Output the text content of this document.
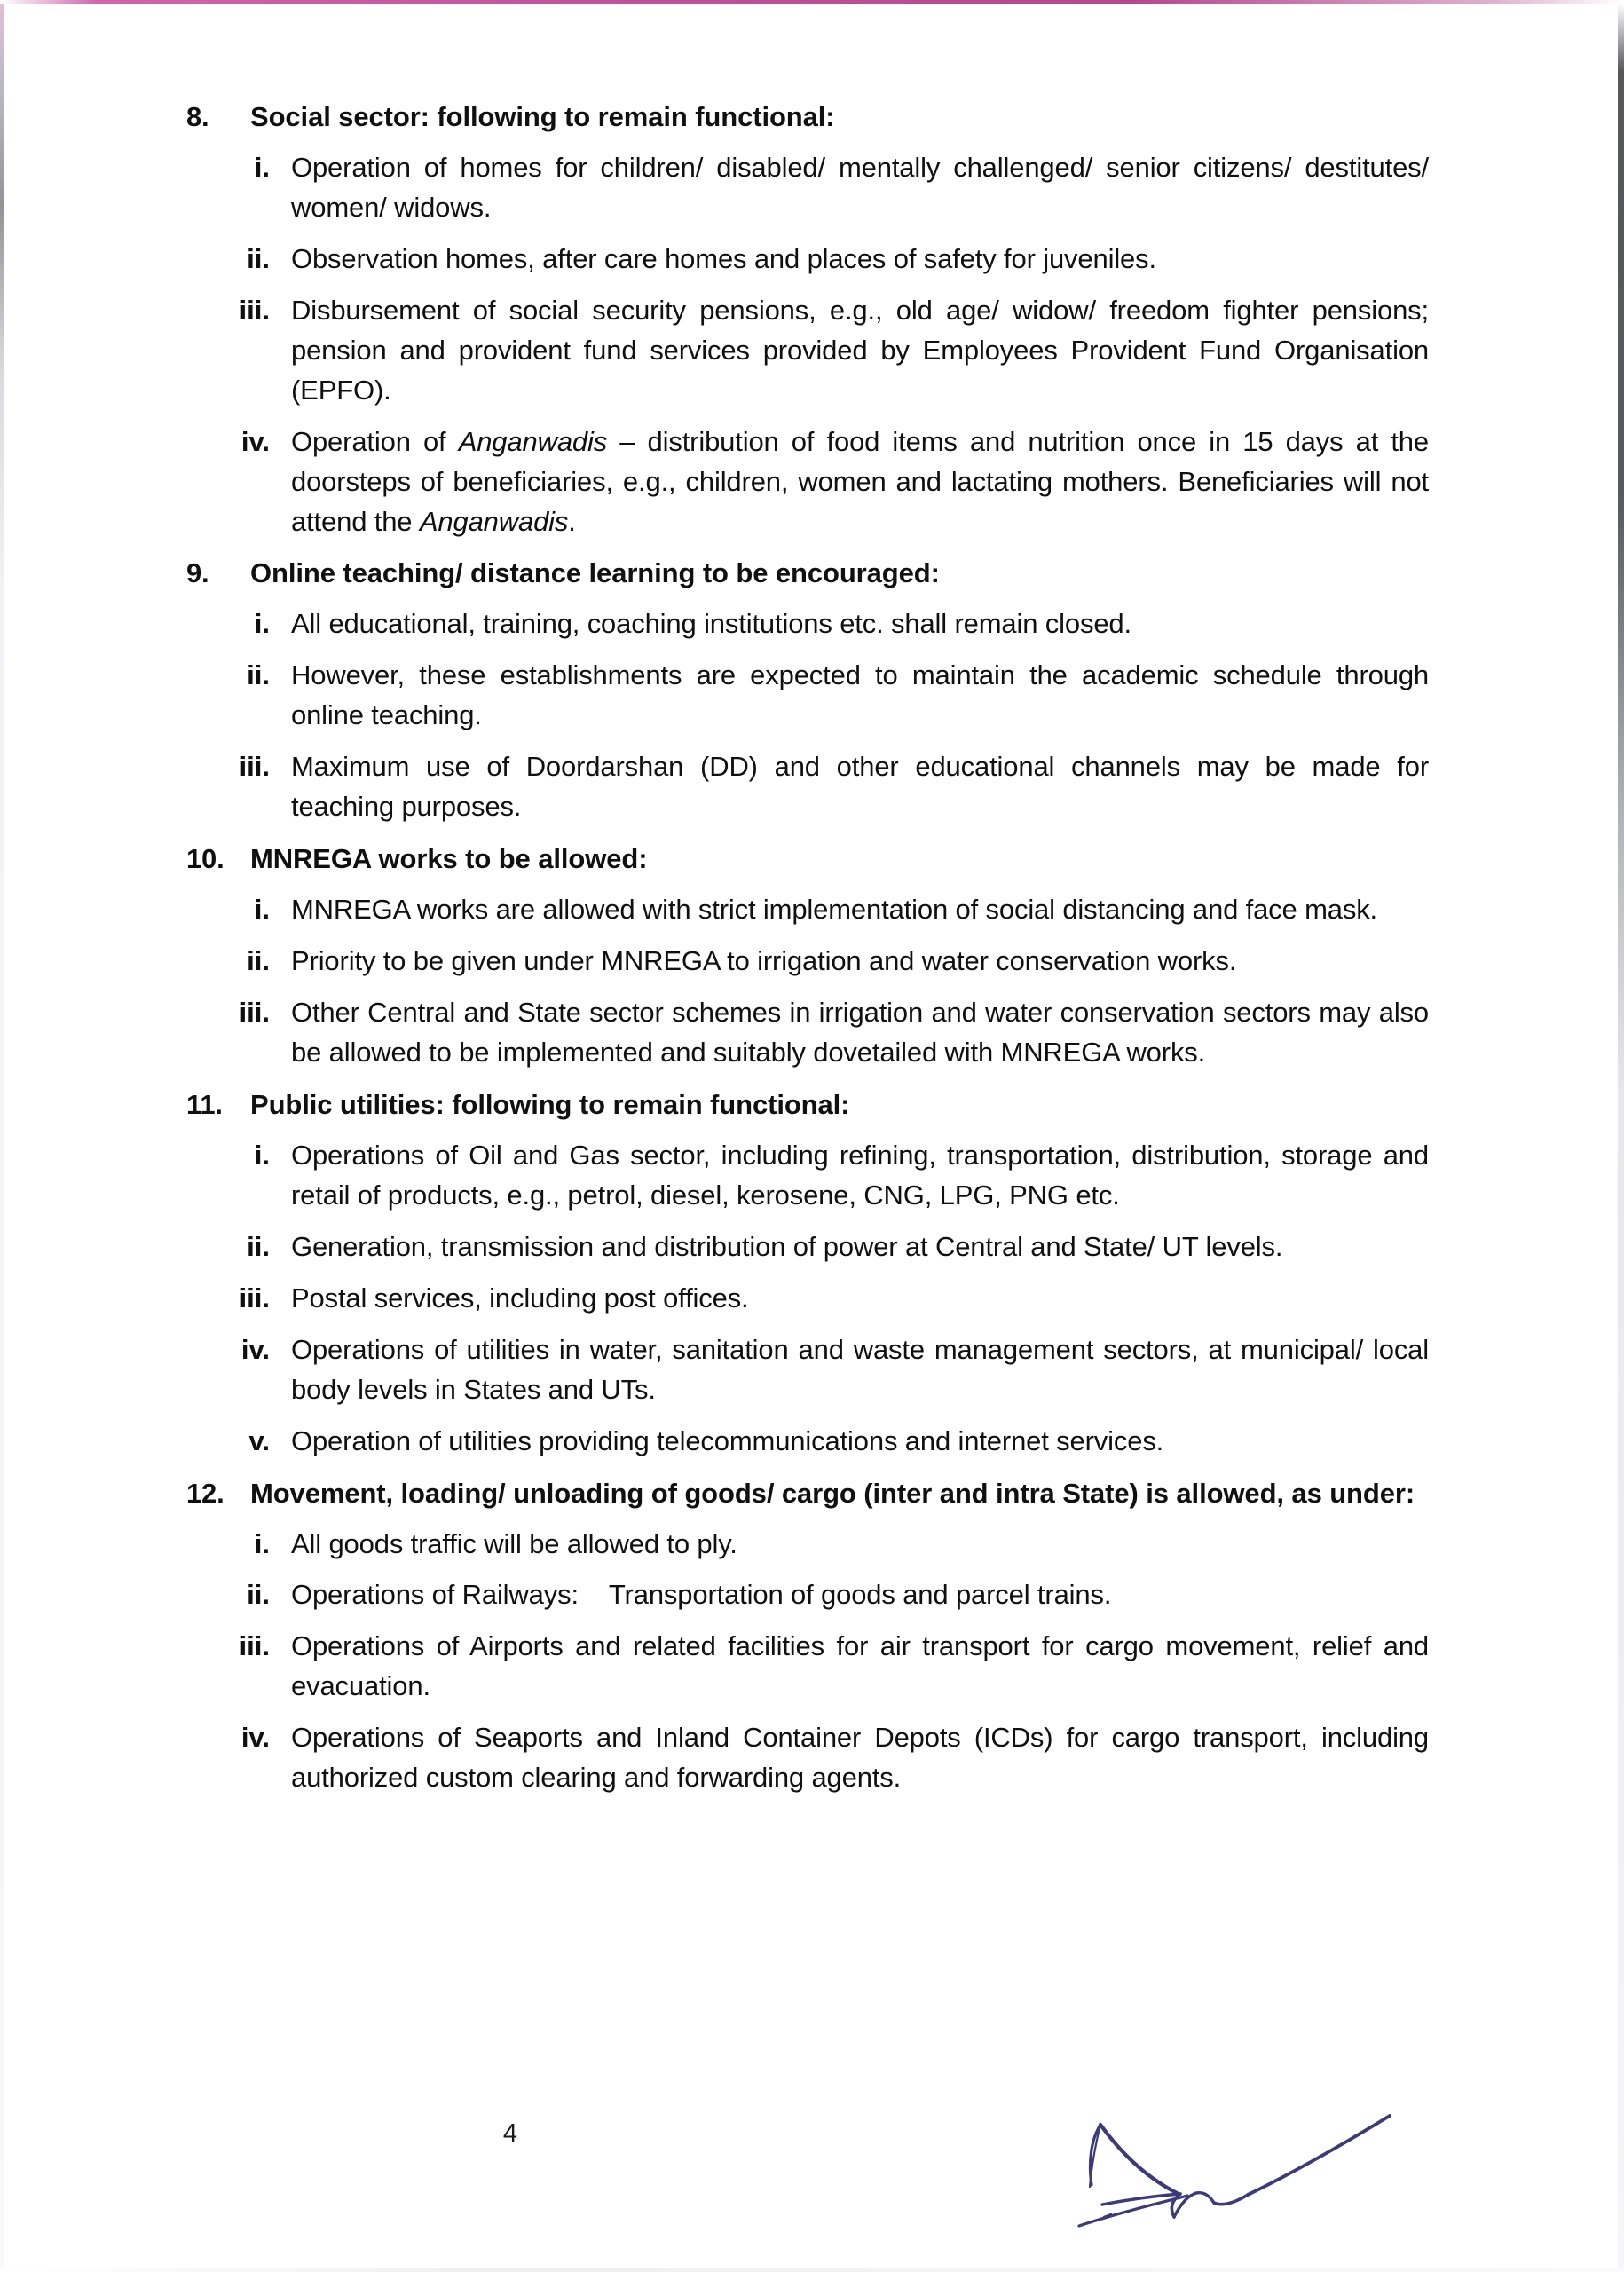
8.	Social sector: following to remain functional:
i. Operation of homes for children/ disabled/ mentally challenged/ senior citizens/ destitutes/ women/ widows.
ii. Observation homes, after care homes and places of safety for juveniles.
iii. Disbursement of social security pensions, e.g., old age/ widow/ freedom fighter pensions; pension and provident fund services provided by Employees Provident Fund Organisation (EPFO).
iv. Operation of Anganwadis – distribution of food items and nutrition once in 15 days at the doorsteps of beneficiaries, e.g., children, women and lactating mothers. Beneficiaries will not attend the Anganwadis.
9.	Online teaching/ distance learning to be encouraged:
i. All educational, training, coaching institutions etc. shall remain closed.
ii. However, these establishments are expected to maintain the academic schedule through online teaching.
iii. Maximum use of Doordarshan (DD) and other educational channels may be made for teaching purposes.
10. MNREGA works to be allowed:
i. MNREGA works are allowed with strict implementation of social distancing and face mask.
ii. Priority to be given under MNREGA to irrigation and water conservation works.
iii. Other Central and State sector schemes in irrigation and water conservation sectors may also be allowed to be implemented and suitably dovetailed with MNREGA works.
11.	Public utilities: following to remain functional:
i. Operations of Oil and Gas sector, including refining, transportation, distribution, storage and retail of products, e.g., petrol, diesel, kerosene, CNG, LPG, PNG etc.
ii. Generation, transmission and distribution of power at Central and State/ UT levels.
iii. Postal services, including post offices.
iv. Operations of utilities in water, sanitation and waste management sectors, at municipal/ local body levels in States and UTs.
v. Operation of utilities providing telecommunications and internet services.
12. Movement, loading/ unloading of goods/ cargo (inter and intra State) is allowed, as under:
i. All goods traffic will be allowed to ply.
ii. Operations of Railways: Transportation of goods and parcel trains.
iii. Operations of Airports and related facilities for air transport for cargo movement, relief and evacuation.
iv. Operations of Seaports and Inland Container Depots (ICDs) for cargo transport, including authorized custom clearing and forwarding agents.
4
